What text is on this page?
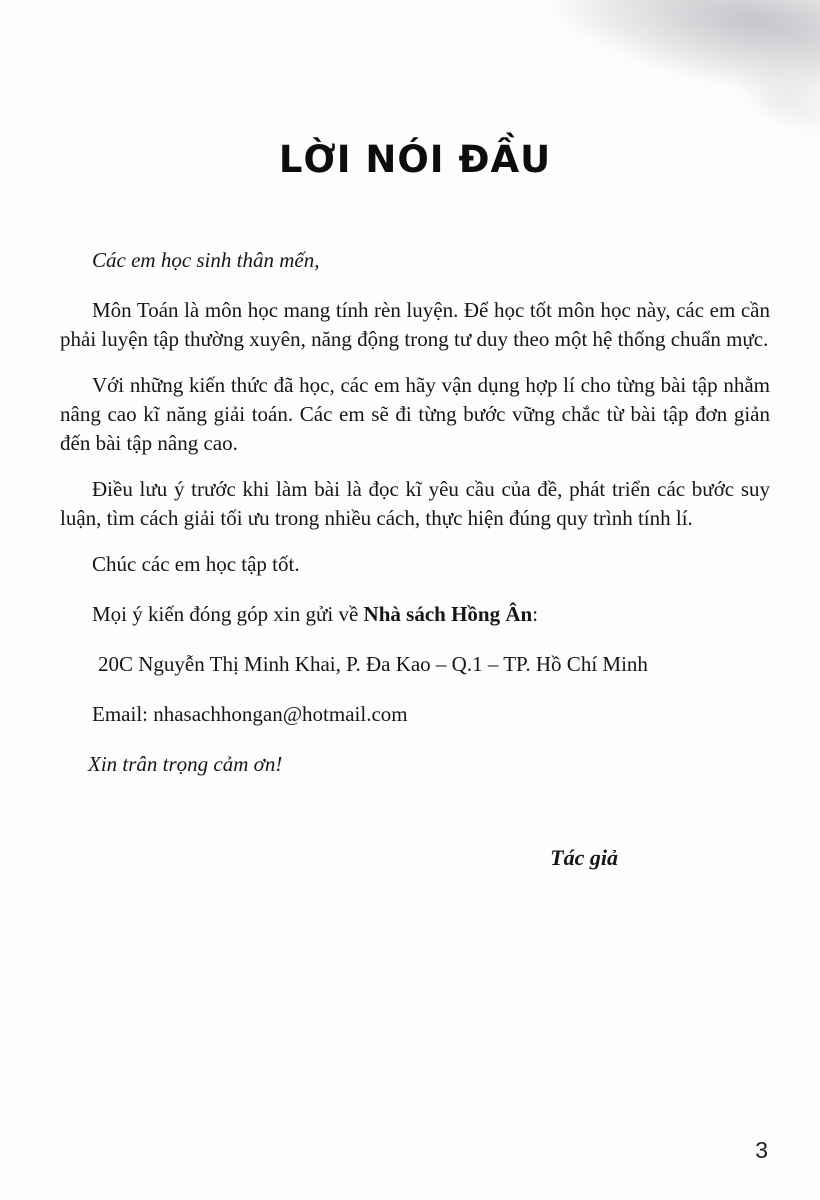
LỜI NÓI ĐẦU

Các em học sinh thân mến,

Môn Toán là môn học mang tính rèn luyện. Để học tốt môn học này, các em cần phải luyện tập thường xuyên, năng động trong tư duy theo một hệ thống chuẩn mực.

Với những kiến thức đã học, các em hãy vận dụng hợp lí cho từng bài tập nhằm nâng cao kĩ năng giải toán. Các em sẽ đi từng bước vững chắc từ bài tập đơn giản đến bài tập nâng cao.

Điều lưu ý trước khi làm bài là đọc kĩ yêu cầu của đề, phát triển các bước suy luận, tìm cách giải tối ưu trong nhiều cách, thực hiện đúng quy trình tính lí.

Chúc các em học tập tốt.

Mọi ý kiến đóng góp xin gửi về Nhà sách Hồng Ân:

20C Nguyễn Thị Minh Khai, P. Đa Kao – Q.1 – TP. Hồ Chí Minh

Email: nhasachhongan@hotmail.com

Xin trân trọng cảm ơn!

Tác giả

3
